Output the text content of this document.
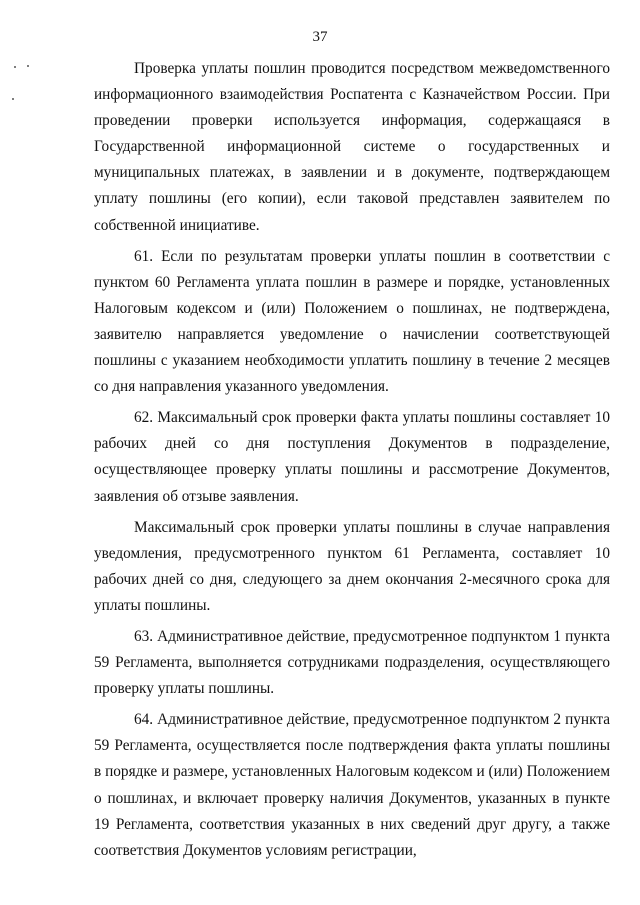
37

Проверка уплаты пошлин проводится посредством межведомственного информационного взаимодействия Роспатента с Казначейством России. При проведении проверки используется информация, содержащаяся в Государственной информационной системе о государственных и муниципальных платежах, в заявлении и в документе, подтверждающем уплату пошлины (его копии), если таковой представлен заявителем по собственной инициативе.

61. Если по результатам проверки уплаты пошлин в соответствии с пунктом 60 Регламента уплата пошлин в размере и порядке, установленных Налоговым кодексом и (или) Положением о пошлинах, не подтверждена, заявителю направляется уведомление о начислении соответствующей пошлины с указанием необходимости уплатить пошлину в течение 2 месяцев со дня направления указанного уведомления.

62. Максимальный срок проверки факта уплаты пошлины составляет 10 рабочих дней со дня поступления Документов в подразделение, осуществляющее проверку уплаты пошлины и рассмотрение Документов, заявления об отзыве заявления.

Максимальный срок проверки уплаты пошлины в случае направления уведомления, предусмотренного пунктом 61 Регламента, составляет 10 рабочих дней со дня, следующего за днем окончания 2-месячного срока для уплаты пошлины.

63. Административное действие, предусмотренное подпунктом 1 пункта 59 Регламента, выполняется сотрудниками подразделения, осуществляющего проверку уплаты пошлины.

64. Административное действие, предусмотренное подпунктом 2 пункта 59 Регламента, осуществляется после подтверждения факта уплаты пошлины в порядке и размере, установленных Налоговым кодексом и (или) Положением о пошлинах, и включает проверку наличия Документов, указанных в пункте 19 Регламента, соответствия указанных в них сведений друг другу, а также соответствия Документов условиям регистрации,
